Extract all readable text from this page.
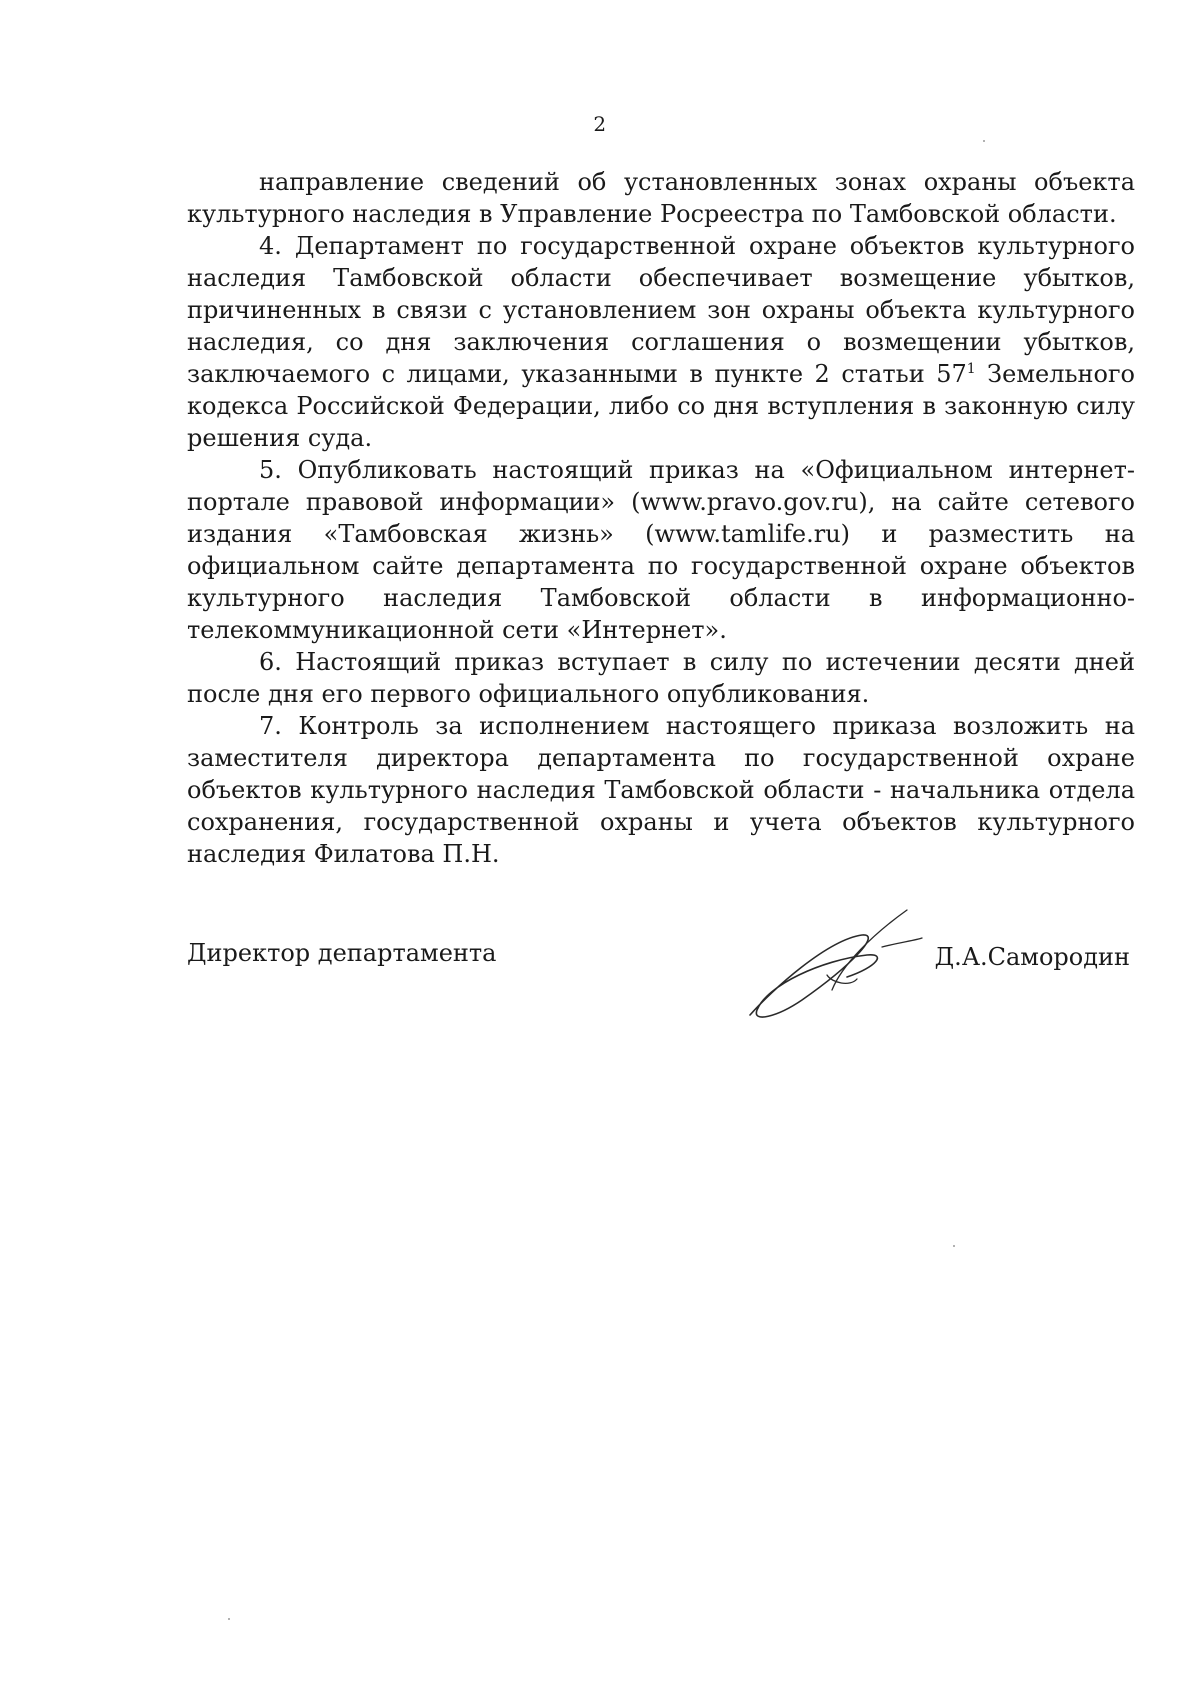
2

направление сведений об установленных зонах охраны объекта культурного наследия в Управление Росреестра по Тамбовской области.

4. Департамент по государственной охране объектов культурного наследия Тамбовской области обеспечивает возмещение убытков, причиненных в связи с установлением зон охраны объекта культурного наследия, со дня заключения соглашения о возмещении убытков, заключаемого с лицами, указанными в пункте 2 статьи $57^1$ Земельного кодекса Российской Федерации, либо со дня вступления в законную силу решения суда.

5. Опубликовать настоящий приказ на «Официальном интернет-портале правовой информации» (www.pravo.gov.ru), на сайте сетевого издания «Тамбовская жизнь» (www.tamlife.ru) и разместить на официальном сайте департамента по государственной охране объектов культурного наследия Тамбовской области в информационно-телекоммуникационной сети «Интернет».

6. Настоящий приказ вступает в силу по истечении десяти дней после дня его первого официального опубликования.

7. Контроль за исполнением настоящего приказа возложить на заместителя директора департамента по государственной охране объектов культурного наследия Тамбовской области - начальника отдела сохранения, государственной охраны и учета объектов культурного наследия Филатова П.Н.

Директор департамента	Д.А.Самородин
